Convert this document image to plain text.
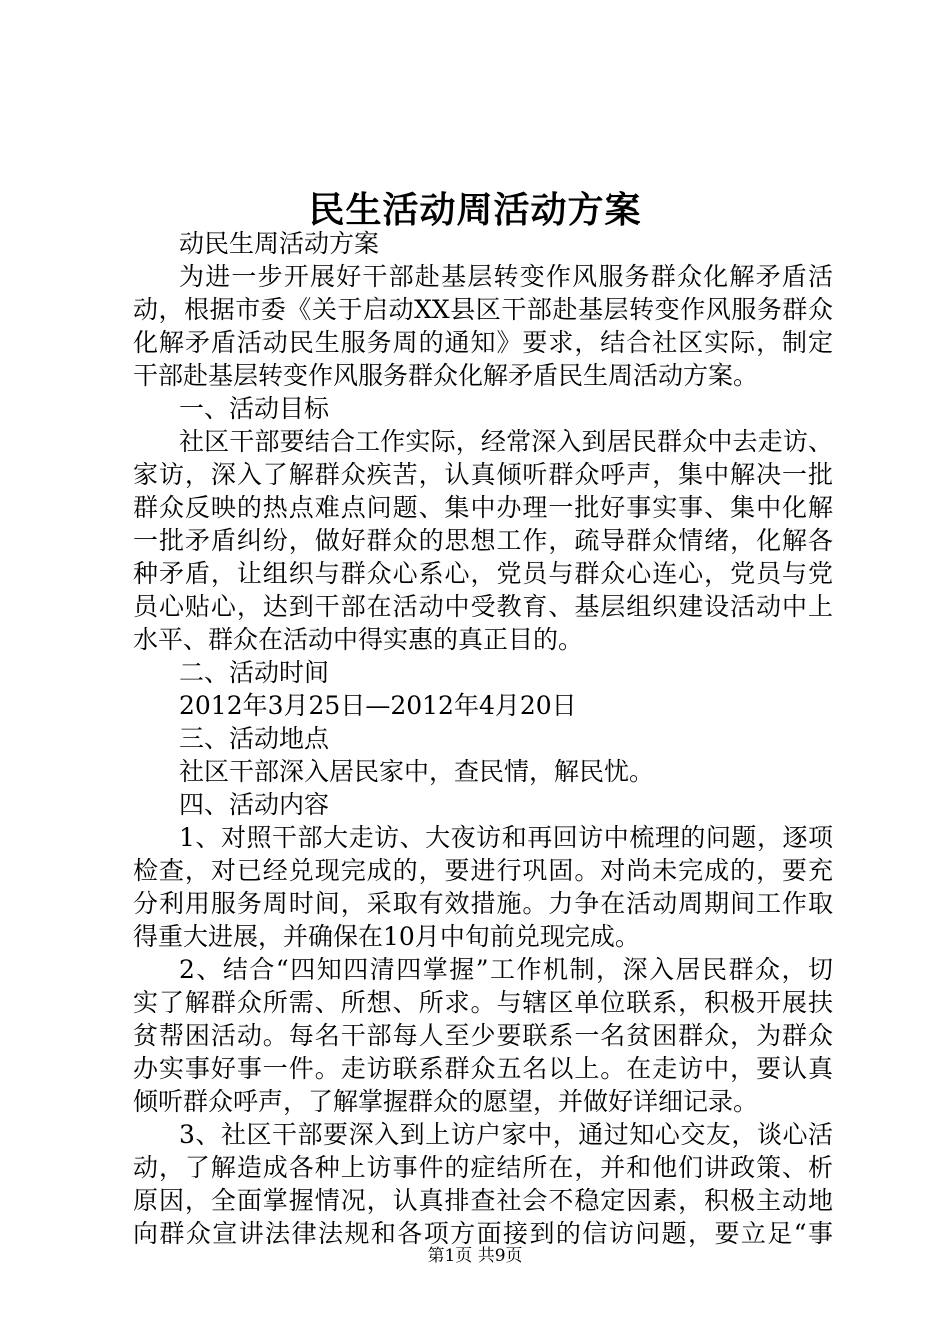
民生活动周活动方案
动民生周活动方案
为进一步开展好干部赴基层转变作风服务群众化解矛盾活
动，根据市委《关于启动XX县区干部赴基层转变作风服务群众
化解矛盾活动民生服务周的通知》要求，结合社区实际，制定
干部赴基层转变作风服务群众化解矛盾民生周活动方案。
一、活动目标
社区干部要结合工作实际，经常深入到居民群众中去走访、
家访，深入了解群众疾苦，认真倾听群众呼声，集中解决一批
群众反映的热点难点问题、集中办理一批好事实事、集中化解
一批矛盾纠纷，做好群众的思想工作，疏导群众情绪，化解各
种矛盾，让组织与群众心系心，党员与群众心连心，党员与党
员心贴心，达到干部在活动中受教育、基层组织建设活动中上
水平、群众在活动中得实惠的真正目的。
二、活动时间
2012年3月25日—2012年4月20日
三、活动地点
社区干部深入居民家中，查民情，解民忧。
四、活动内容
1、对照干部大走访、大夜访和再回访中梳理的问题，逐项
检查，对已经兑现完成的，要进行巩固。对尚未完成的，要充
分利用服务周时间，采取有效措施。力争在活动周期间工作取
得重大进展，并确保在10月中旬前兑现完成。
2、结合“四知四清四掌握”工作机制，深入居民群众，切
实了解群众所需、所想、所求。与辖区单位联系，积极开展扶
贫帮困活动。每名干部每人至少要联系一名贫困群众，为群众
办实事好事一件。走访联系群众五名以上。在走访中，要认真
倾听群众呼声，了解掌握群众的愿望，并做好详细记录。
3、社区干部要深入到上访户家中，通过知心交友，谈心活
动，了解造成各种上访事件的症结所在，并和他们讲政策、析
原因，全面掌握情况，认真排查社会不稳定因素，积极主动地
向群众宣讲法律法规和各项方面接到的信访问题，要立足“事
第1页 共9页
